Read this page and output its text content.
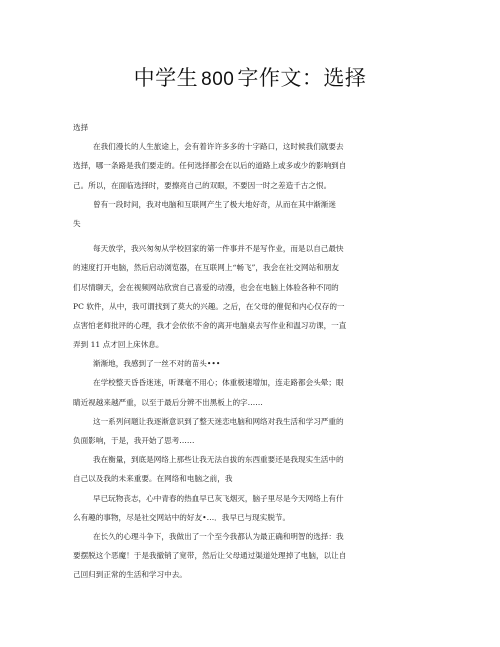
中学生 800 字作文：选择
选择
在我们漫长的人生旅途上，会有着许许多多的十字路口，这时候我们就要去
选择，哪一条路是我们要走的。任何选择都会在以后的道路上或多或少的影响到自
己。所以，在面临选择时，要擦亮自己的双眼，不要因一时之差造千古之恨。
曾有一段时间，我对电脑和互联网产生了极大地好奇，从而在其中渐渐迷
失
每天放学，我兴匆匆从学校回家的第一件事并不是写作业，而是以自己最快
的速度打开电脑，然后启动浏览器，在互联网上“畅飞”，我会在社交网站和朋友
们尽情聊天，会在视频网站欣赏自己喜爱的动漫，也会在电脑上体验各种不同的
PC 软件，从中，我可谓找到了莫大的兴趣。之后，在父母的催促和内心仅存的一
点害怕老师批评的心理，我才会依依不舍的离开电脑桌去写作业和温习功课，一直
弄到 11 点才回上床休息。
渐渐地，我感到了一丝不对的苗头•••
在学校整天昏昏迷迷，听课毫不用心；体重极速增加，连走路都会头晕；眼
睛近视越来越严重，以至于最后分辨不出黑板上的字……
这一系列问题让我逐渐意识到了整天迷恋电脑和网络对我生活和学习严重的
负面影响，于是，我开始了思考……
我在衡量，到底是网络上那些让我无法自拔的东西重要还是我现实生活中的
自己以及我的未来重要。在网络和电脑之前，我
早已玩物丧志，心中青春的热血早已灰飞烟灭，脑子里尽是今天网络上有什
么有趣的事物，尽是社交网站中的好友•…．我早已与现实脱节。
在长久的心理斗争下，我做出了一个至今我都认为最正确和明智的选择：我
要摆脱这个恶魔！于是我撤销了宽带，然后让父母通过渠道处理掉了电脑，以让自
己回归到正常的生活和学习中去。
